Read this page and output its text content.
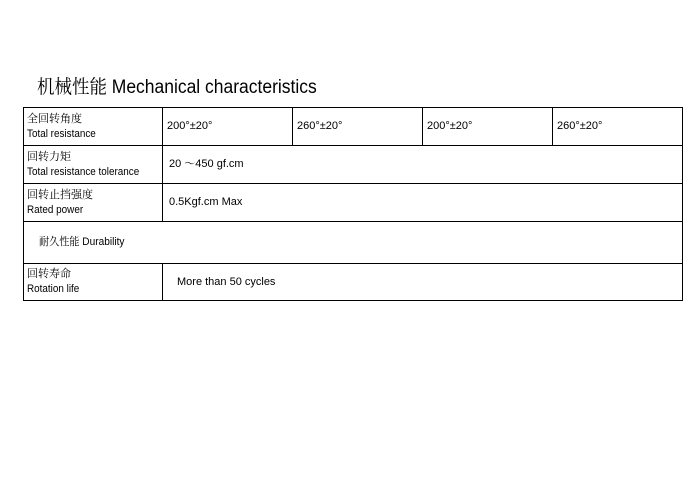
机械性能 Mechanical characteristics
全回转角度
Total resistance	200°±20°	260°±20°	200°±20°	260°±20°

回转力矩
Total resistance tolerance	20 ～450 gf.cm			

回转止挡强度
Rated power	0.5Kgf.cm Max			
耐久性能 Durability				

回转寿命
Rotation life	More than 50 cycles			
